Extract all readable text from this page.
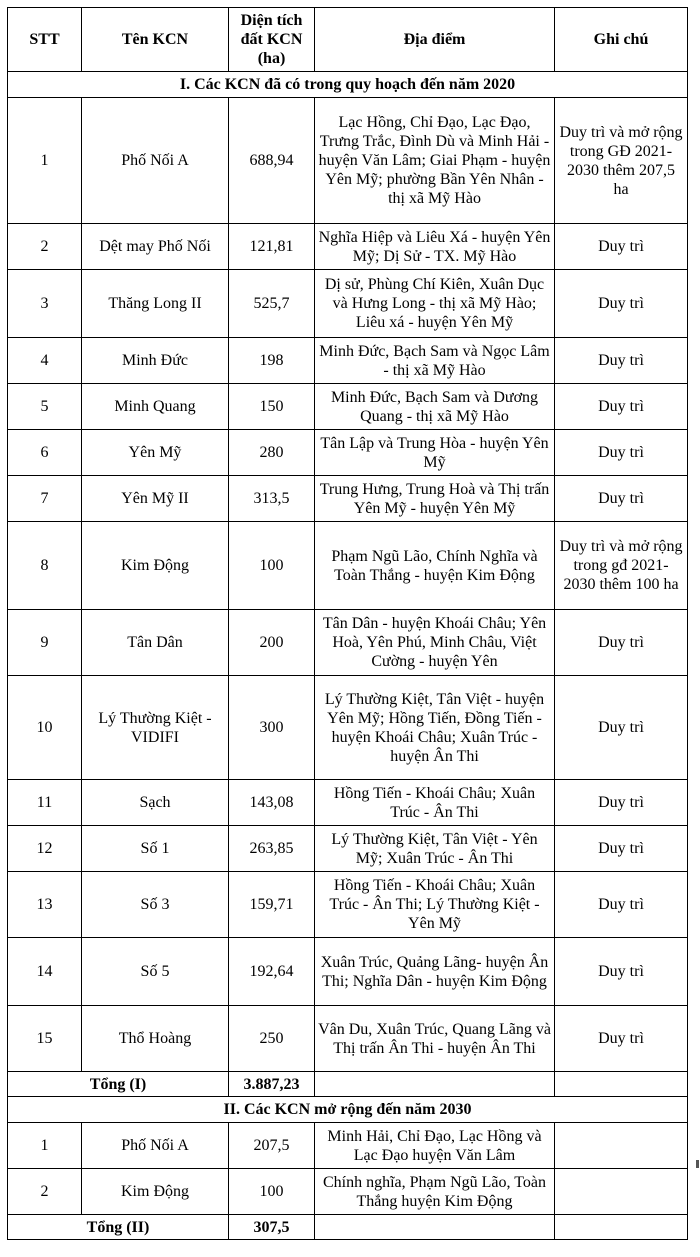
STT	Tên KCN	Diện tích đất KCN (ha)	Địa điểm	Ghi chú
I. Các KCN đã có trong quy hoạch đến năm 2020				
1	Phố Nối A	688,94	Lạc Hồng, Chỉ Đạo, Lạc Đạo, Trưng Trắc, Đình Dù và Minh Hải - huyện Văn Lâm; Giai Phạm - huyện Yên Mỹ; phường Bần Yên Nhân - thị xã Mỹ Hào	Duy trì và mở rộng trong GĐ 2021-2030 thêm 207,5 ha
2	Dệt may Phố Nối	121,81	Nghĩa Hiệp và Liêu Xá - huyện Yên Mỹ; Dị Sử - TX. Mỹ Hào	Duy trì
3	Thăng Long II	525,7	Dị sử, Phùng Chí Kiên, Xuân Dục và Hưng Long - thị xã Mỹ Hào; Liêu xá - huyện Yên Mỹ	Duy trì
4	Minh Đức	198	Minh Đức, Bạch Sam và Ngọc Lâm - thị xã Mỹ Hào	Duy trì
5	Minh Quang	150	Minh Đức, Bạch Sam và Dương Quang - thị xã Mỹ Hào	Duy trì
6	Yên Mỹ	280	Tân Lập và Trung Hòa - huyện Yên Mỹ	Duy trì
7	Yên Mỹ II	313,5	Trung Hưng, Trung Hoà và Thị trấn Yên Mỹ - huyện Yên Mỹ	Duy trì
8	Kim Động	100	Phạm Ngũ Lão, Chính Nghĩa và Toàn Thắng - huyện Kim Động	Duy trì và mở rộng trong gđ 2021-2030 thêm 100 ha
9	Tân Dân	200	Tân Dân - huyện Khoái Châu; Yên Hoà, Yên Phú, Minh Châu, Việt Cường - huyện Yên	Duy trì
10	Lý Thường Kiệt - VIDIFI	300	Lý Thường Kiệt, Tân Việt - huyện Yên Mỹ; Hồng Tiến, Đồng Tiến - huyện Khoái Châu; Xuân Trúc - huyện Ân Thi	Duy trì
11	Sạch	143,08	Hồng Tiến - Khoái Châu; Xuân Trúc - Ân Thi	Duy trì
12	Số 1	263,85	Lý Thường Kiệt, Tân Việt - Yên Mỹ; Xuân Trúc - Ân Thi	Duy trì
13	Số 3	159,71	Hồng Tiến - Khoái Châu; Xuân Trúc - Ân Thi; Lý Thường Kiệt - Yên Mỹ	Duy trì
14	Số 5	192,64	Xuân Trúc, Quảng Lãng- huyện Ân Thi; Nghĩa Dân - huyện Kim Động	Duy trì
15	Thổ Hoàng	250	Vân Du, Xuân Trúc, Quang Lãng và Thị trấn Ân Thi - huyện Ân Thi	Duy trì
Tổng (I)		3.887,23		
II. Các KCN mở rộng đến năm 2030				
1	Phố Nối A	207,5	Minh Hải, Chỉ Đạo, Lạc Hồng và Lạc Đạo huyện Văn Lâm	
2	Kim Động	100	Chính nghĩa, Phạm Ngũ Lão, Toàn Thắng huyện Kim Động	
Tổng (II)		307,5		
